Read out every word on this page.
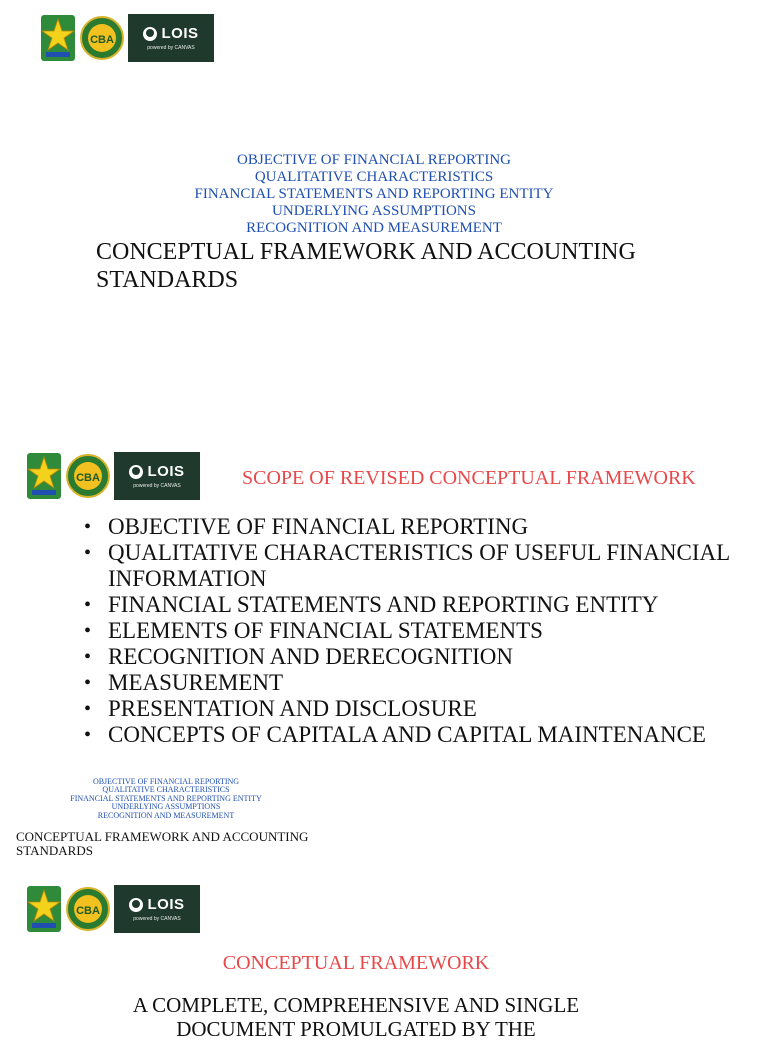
CBA	LOIS
powered by CANVAS
OBJECTIVE OF FINANCIAL REPORTING
QUALITATIVE CHARACTERISTICS
FINANCIAL STATEMENTS AND REPORTING ENTITY
UNDERLYING ASSUMPTIONS
RECOGNITION AND MEASUREMENT
CONCEPTUAL FRAMEWORK AND ACCOUNTING
STANDARDS
CBA	LOIS
powered by CANVAS	SCOPE OF REVISED CONCEPTUAL FRAMEWORK
• OBJECTIVE OF FINANCIAL REPORTING
• QUALITATIVE CHARACTERISTICS OF USEFUL FINANCIAL INFORMATION
• FINANCIAL STATEMENTS AND REPORTING ENTITY
• ELEMENTS OF FINANCIAL STATEMENTS
• RECOGNITION AND DERECOGNITION
• MEASUREMENT
• PRESENTATION AND DISCLOSURE
• CONCEPTS OF CAPITALA AND CAPITAL MAINTENANCE
OBJECTIVE OF FINANCIAL REPORTING
QUALITATIVE CHARACTERISTICS
FINANCIAL STATEMENTS AND REPORTING ENTITY
UNDERLYING ASSUMPTIONS
RECOGNITION AND MEASUREMENT
CONCEPTUAL FRAMEWORK AND ACCOUNTING
STANDARDS
CBA	LOIS
powered by CANVAS
CONCEPTUAL FRAMEWORK
A COMPLETE, COMPREHENSIVE AND SINGLE
DOCUMENT PROMULGATED BY THE
